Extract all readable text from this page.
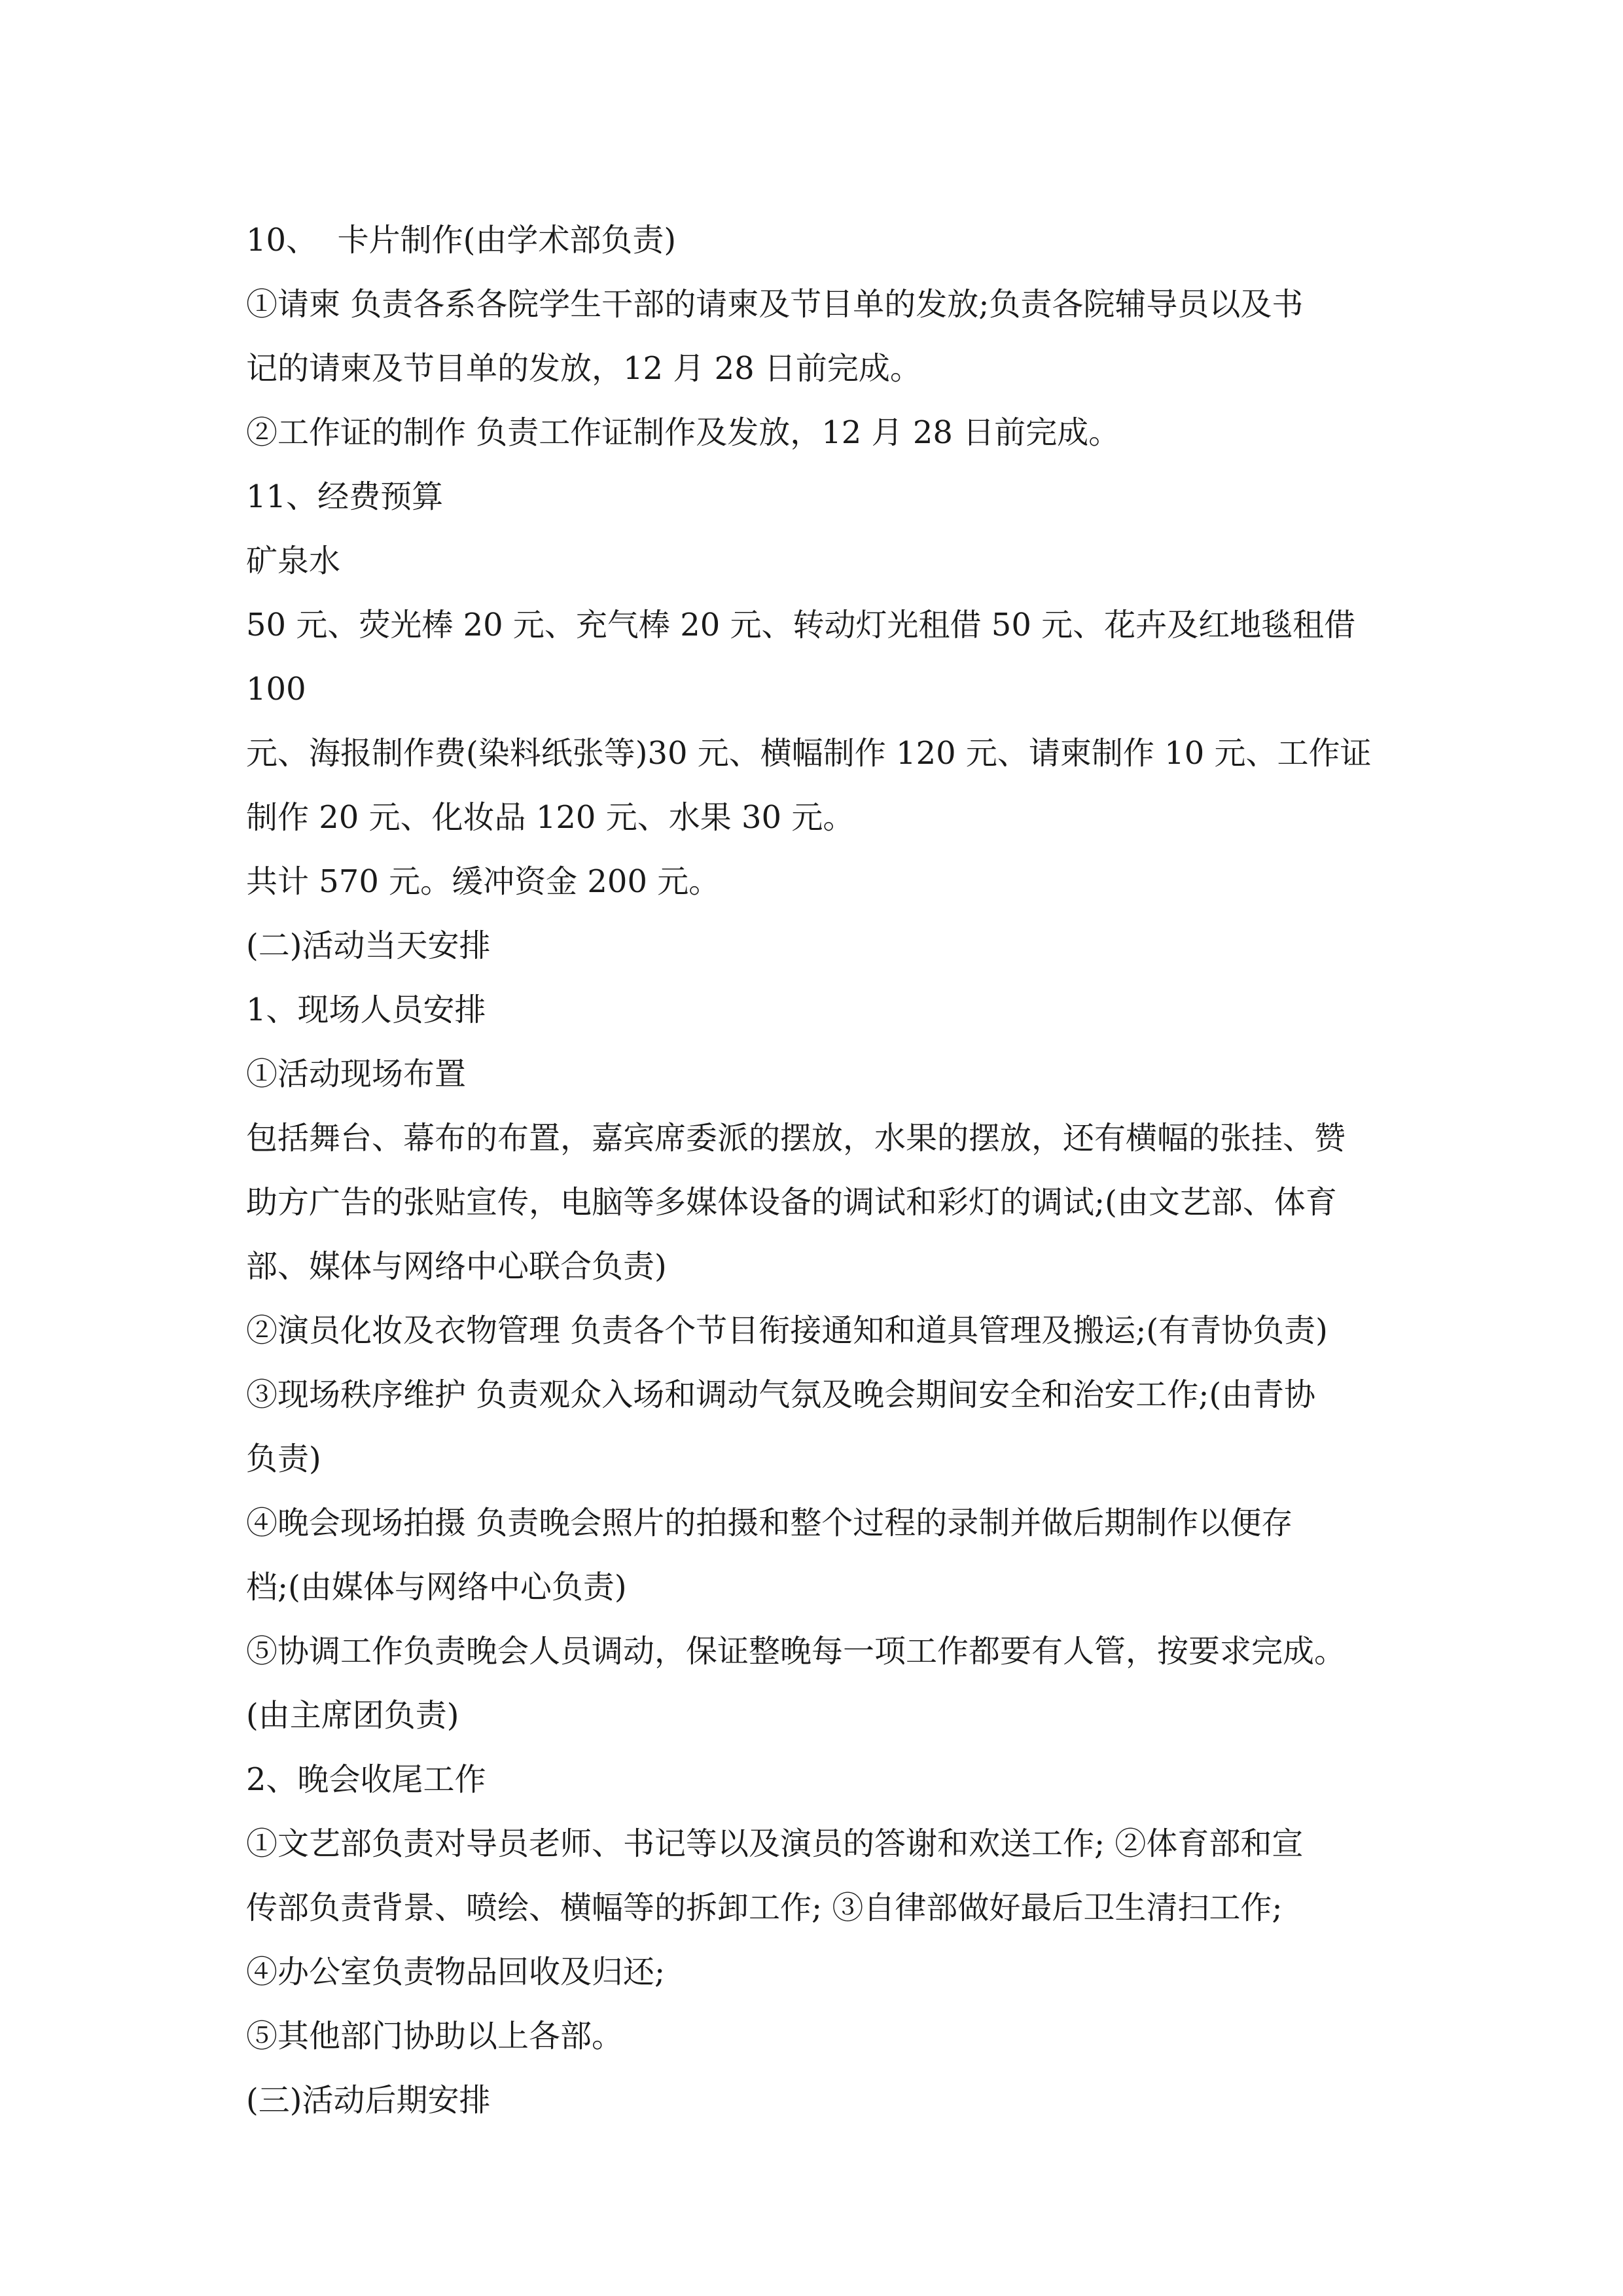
10、  卡片制作(由学术部负责)

①请柬 负责各系各院学生干部的请柬及节目单的发放;负责各院辅导员以及书

记的请柬及节目单的发放，12 月 28 日前完成。

②工作证的制作 负责工作证制作及发放，12 月 28 日前完成。

11、经费预算

矿泉水

50 元、荧光棒 20 元、充气棒 20 元、转动灯光租借 50 元、花卉及红地毯租借 100

元、海报制作费(染料纸张等)30 元、横幅制作 120 元、请柬制作 10 元、工作证

制作 20 元、化妆品 120 元、水果 30 元。

共计 570 元。缓冲资金 200 元。

(二)活动当天安排

1、现场人员安排

①活动现场布置

包括舞台、幕布的布置，嘉宾席委派的摆放，水果的摆放，还有横幅的张挂、赞

助方广告的张贴宣传，电脑等多媒体设备的调试和彩灯的调试;(由文艺部、体育

部、媒体与网络中心联合负责)

②演员化妆及衣物管理 负责各个节目衔接通知和道具管理及搬运;(有青协负责)

③现场秩序维护 负责观众入场和调动气氛及晚会期间安全和治安工作;(由青协

负责)

④晚会现场拍摄 负责晚会照片的拍摄和整个过程的录制并做后期制作以便存

档;(由媒体与网络中心负责)

⑤协调工作负责晚会人员调动，保证整晚每一项工作都要有人管，按要求完成。

(由主席团负责)

2、晚会收尾工作

①文艺部负责对导员老师、书记等以及演员的答谢和欢送工作; ②体育部和宣

传部负责背景、喷绘、横幅等的拆卸工作; ③自律部做好最后卫生清扫工作;

④办公室负责物品回收及归还;

⑤其他部门协助以上各部。

(三)活动后期安排
